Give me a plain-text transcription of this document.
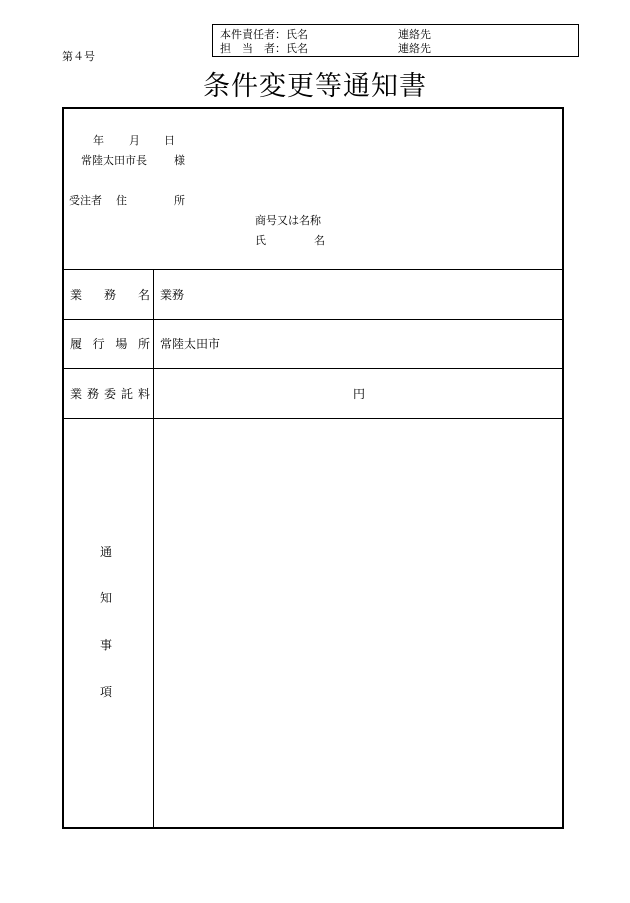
第４号
本件責任者：氏名	連絡先
担 当 者：氏名	連絡先
条件変更等通知書
年 月 日
常陸太田市長 様
受注者 住	所
商号又は名称
氏	名
業 務 名 業務
履 行 場 所 常陸太田市
業 務 委 託 料	円
通
知
事
項
